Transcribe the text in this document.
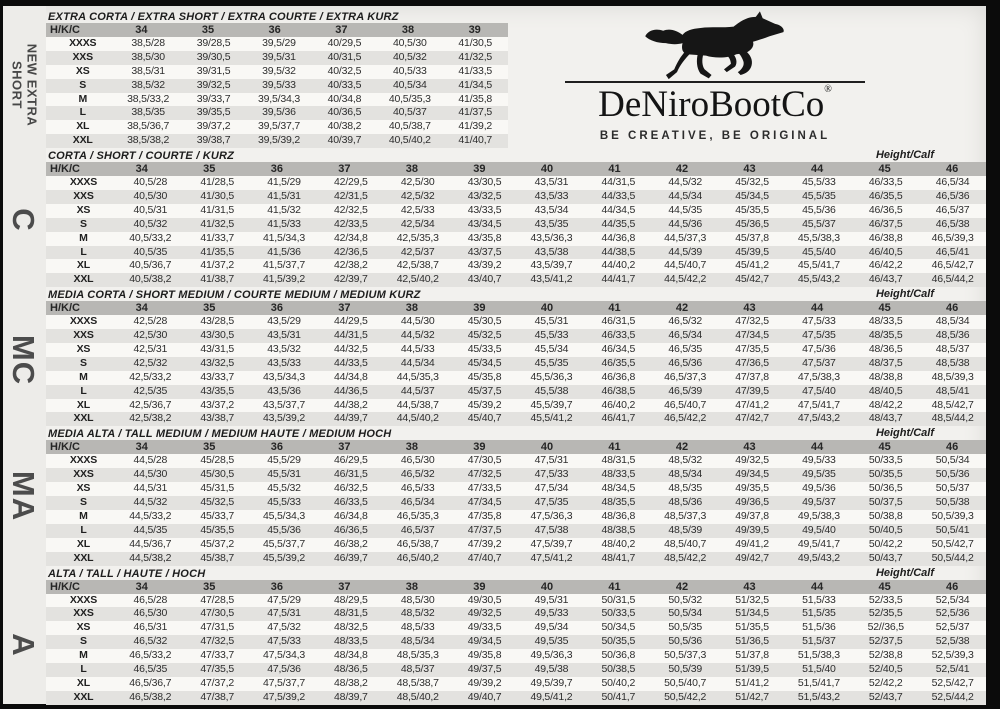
NEW EXTRA
SHORT
C
MC
MA
A
EXTRA CORTA / EXTRA SHORT / EXTRA COURTE / EXTRA KURZ
H/K/C	34	35	36	37	38	39
XXXS	38,5/28	39/28,5	39,5/29	40/29,5	40,5/30	41/30,5
XXS	38,5/30	39/30,5	39,5/31	40/31,5	40,5/32	41/32,5
XS	38,5/31	39/31,5	39,5/32	40/32,5	40,5/33	41/33,5
S	38,5/32	39/32,5	39,5/33	40/33,5	40,5/34	41/34,5
M	38,5/33,2	39/33,7	39,5/34,3	40/34,8	40,5/35,3	41/35,8
L	38,5/35	39/35,5	39,5/36	40/36,5	40,5/37	41/37,5
XL	38,5/36,7	39/37,2	39,5/37,7	40/38,2	40,5/38,7	41/39,2
XXL	38,5/38,2	39/38,7	39,5/39,2	40/39,7	40,5/40,2	41/40,7
CORTA / SHORT / COURTE / KURZ	Height/Calf
H/K/C	34	35	36	37	38	39	40	41	42	43	44	45	46
XXXS	40,5/28	41/28,5	41,5/29	42/29,5	42,5/30	43/30,5	43,5/31	44/31,5	44,5/32	45/32,5	45,5/33	46/33,5	46,5/34
XXS	40,5/30	41/30,5	41,5/31	42/31,5	42,5/32	43/32,5	43,5/33	44/33,5	44,5/34	45/34,5	45,5/35	46/35,5	46,5/36
XS	40,5/31	41/31,5	41,5/32	42/32,5	42,5/33	43/33,5	43,5/34	44/34,5	44,5/35	45/35,5	45,5/36	46/36,5	46,5/37
S	40,5/32	41/32,5	41,5/33	42/33,5	42,5/34	43/34,5	43,5/35	44/35,5	44,5/36	45/36,5	45,5/37	46/37,5	46,5/38
M	40,5/33,2	41/33,7	41,5/34,3	42/34,8	42,5/35,3	43/35,8	43,5/36,3	44/36,8	44,5/37,3	45/37,8	45,5/38,3	46/38,8	46,5/39,3
L	40,5/35	41/35,5	41,5/36	42/36,5	42,5/37	43/37,5	43,5/38	44/38,5	44,5/39	45/39,5	45,5/40	46/40,5	46,5/41
XL	40,5/36,7	41/37,2	41,5/37,7	42/38,2	42,5/38,7	43/39,2	43,5/39,7	44/40,2	44,5/40,7	45/41,2	45,5/41,7	46/42,2	46,5/42,7
XXL	40,5/38,2	41/38,7	41,5/39,2	42/39,7	42,5/40,2	43/40,7	43,5/41,2	44/41,7	44,5/42,2	45/42,7	45,5/43,2	46/43,7	46,5/44,2
MEDIA CORTA / SHORT MEDIUM / COURTE MEDIUM / MEDIUM KURZ	Height/Calf
H/K/C	34	35	36	37	38	39	40	41	42	43	44	45	46
XXXS	42,5/28	43/28,5	43,5/29	44/29,5	44,5/30	45/30,5	45,5/31	46/31,5	46,5/32	47/32,5	47,5/33	48/33,5	48,5/34
XXS	42,5/30	43/30,5	43,5/31	44/31,5	44,5/32	45/32,5	45,5/33	46/33,5	46,5/34	47/34,5	47,5/35	48/35,5	48,5/36
XS	42,5/31	43/31,5	43,5/32	44/32,5	44,5/33	45/33,5	45,5/34	46/34,5	46,5/35	47/35,5	47,5/36	48/36,5	48,5/37
S	42,5/32	43/32,5	43,5/33	44/33,5	44,5/34	45/34,5	45,5/35	46/35,5	46,5/36	47/36,5	47,5/37	48/37,5	48,5/38
M	42,5/33,2	43/33,7	43,5/34,3	44/34,8	44,5/35,3	45/35,8	45,5/36,3	46/36,8	46,5/37,3	47/37,8	47,5/38,3	48/38,8	48,5/39,3
L	42,5/35	43/35,5	43,5/36	44/36,5	44,5/37	45/37,5	45,5/38	46/38,5	46,5/39	47/39,5	47,5/40	48/40,5	48,5/41
XL	42,5/36,7	43/37,2	43,5/37,7	44/38,2	44,5/38,7	45/39,2	45,5/39,7	46/40,2	46,5/40,7	47/41,2	47,5/41,7	48/42,2	48,5/42,7
XXL	42,5/38,2	43/38,7	43,5/39,2	44/39,7	44,5/40,2	45/40,7	45,5/41,2	46/41,7	46,5/42,2	47/42,7	47,5/43,2	48/43,7	48,5/44,2
MEDIA ALTA / TALL MEDIUM / MEDIUM HAUTE / MEDIUM HOCH	Height/Calf
H/K/C	34	35	36	37	38	39	40	41	42	43	44	45	46
XXXS	44,5/28	45/28,5	45,5/29	46/29,5	46,5/30	47/30,5	47,5/31	48/31,5	48,5/32	49/32,5	49,5/33	50/33,5	50,5/34
XXS	44,5/30	45/30,5	45,5/31	46/31,5	46,5/32	47/32,5	47,5/33	48/33,5	48,5/34	49/34,5	49,5/35	50/35,5	50,5/36
XS	44,5/31	45/31,5	45,5/32	46/32,5	46,5/33	47/33,5	47,5/34	48/34,5	48,5/35	49/35,5	49,5/36	50/36,5	50,5/37
S	44,5/32	45/32,5	45,5/33	46/33,5	46,5/34	47/34,5	47,5/35	48/35,5	48,5/36	49/36,5	49,5/37	50/37,5	50,5/38
M	44,5/33,2	45/33,7	45,5/34,3	46/34,8	46,5/35,3	47/35,8	47,5/36,3	48/36,8	48,5/37,3	49/37,8	49,5/38,3	50/38,8	50,5/39,3
L	44,5/35	45/35,5	45,5/36	46/36,5	46,5/37	47/37,5	47,5/38	48/38,5	48,5/39	49/39,5	49,5/40	50/40,5	50,5/41
XL	44,5/36,7	45/37,2	45,5/37,7	46/38,2	46,5/38,7	47/39,2	47,5/39,7	48/40,2	48,5/40,7	49/41,2	49,5/41,7	50/42,2	50,5/42,7
XXL	44,5/38,2	45/38,7	45,5/39,2	46/39,7	46,5/40,2	47/40,7	47,5/41,2	48/41,7	48,5/42,2	49/42,7	49,5/43,2	50/43,7	50,5/44,2
ALTA / TALL / HAUTE / HOCH	Height/Calf
H/K/C	34	35	36	37	38	39	40	41	42	43	44	45	46
XXXS	46,5/28	47/28,5	47,5/29	48/29,5	48,5/30	49/30,5	49,5/31	50/31,5	50,5/32	51/32,5	51,5/33	52/33,5	52,5/34
XXS	46,5/30	47/30,5	47,5/31	48/31,5	48,5/32	49/32,5	49,5/33	50/33,5	50,5/34	51/34,5	51,5/35	52/35,5	52,5/36
XS	46,5/31	47/31,5	47,5/32	48/32,5	48,5/33	49/33,5	49,5/34	50/34,5	50,5/35	51/35,5	51,5/36	52//36,5	52,5/37
S	46,5/32	47/32,5	47,5/33	48/33,5	48,5/34	49/34,5	49,5/35	50/35,5	50,5/36	51/36,5	51,5/37	52/37,5	52,5/38
M	46,5/33,2	47/33,7	47,5/34,3	48/34,8	48,5/35,3	49/35,8	49,5/36,3	50/36,8	50,5/37,3	51/37,8	51,5/38,3	52/38,8	52,5/39,3
L	46,5/35	47/35,5	47,5/36	48/36,5	48,5/37	49/37,5	49,5/38	50/38,5	50,5/39	51/39,5	51,5/40	52/40,5	52,5/41
XL	46,5/36,7	47/37,2	47,5/37,7	48/38,2	48,5/38,7	49/39,2	49,5/39,7	50/40,2	50,5/40,7	51/41,2	51,5/41,7	52/42,2	52,5/42,7
XXL	46,5/38,2	47/38,7	47,5/39,2	48/39,7	48,5/40,2	49/40,7	49,5/41,2	50/41,7	50,5/42,2	51/42,7	51,5/43,2	52/43,7	52,5/44,2
DeNiroBootCo®
BE CREATIVE, BE ORIGINAL
